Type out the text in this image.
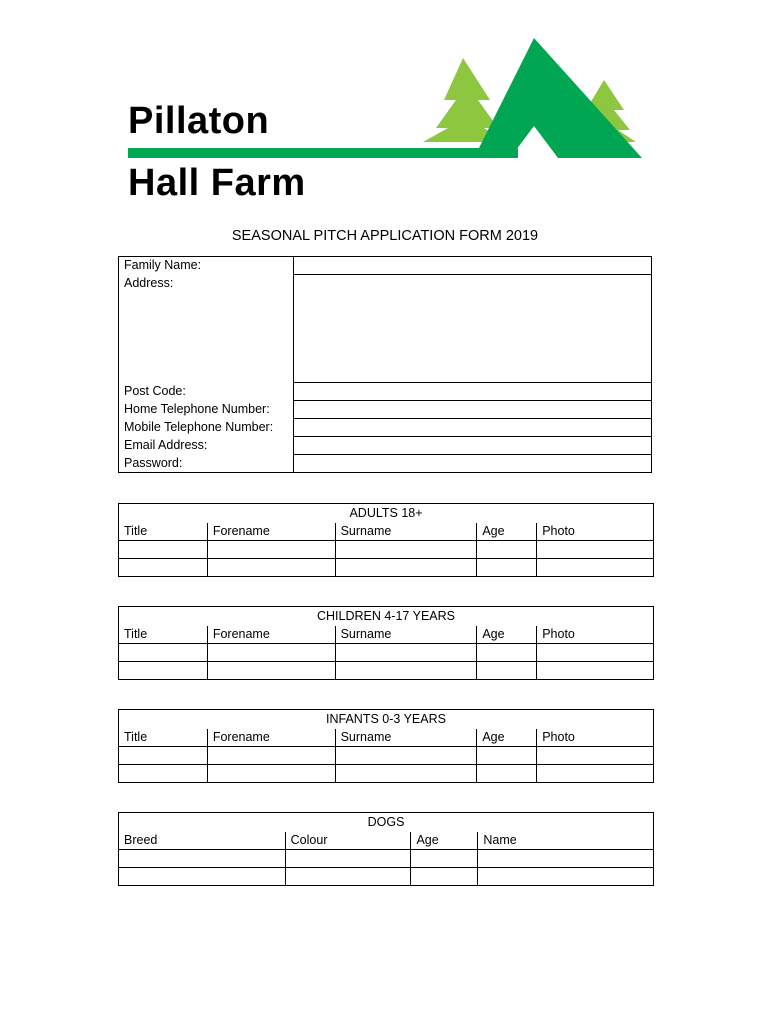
Pillaton
Hall Farm
SEASONAL PITCH APPLICATION FORM 2019
Family Name:	
Address:	
Post Code:	
Home Telephone Number:	
Mobile Telephone Number:	
Email Address:	
Password:	
ADULTS 18+				
Title	Forename	Surname	Age	Photo

CHILDREN 4-17 YEARS				
Title	Forename	Surname	Age	Photo

INFANTS 0-3 YEARS				
Title	Forename	Surname	Age	Photo

DOGS			
Breed	Colour	Age	Name
